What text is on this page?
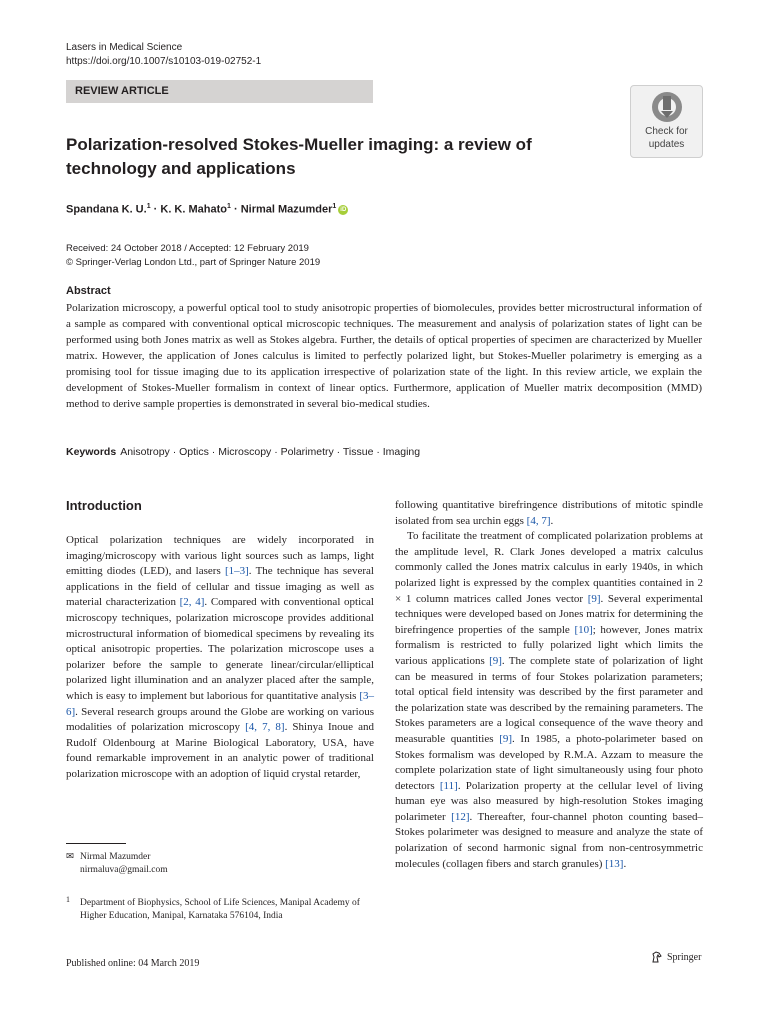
Lasers in Medical Science
https://doi.org/10.1007/s10103-019-02752-1
REVIEW ARTICLE
Check for
updates
Polarization-resolved Stokes-Mueller imaging: a review of technology and applications
Spandana K. U.$^1$ · K. K. Mahato$^1$ · Nirmal Mazumder$^1$ iD
Received: 24 October 2018 / Accepted: 12 February 2019
© Springer-Verlag London Ltd., part of Springer Nature 2019
Abstract
Polarization microscopy, a powerful optical tool to study anisotropic properties of biomolecules, provides better microstructural information of a sample as compared with conventional optical microscopic techniques. The measurement and analysis of polarization states of light can be performed using both Jones matrix as well as Stokes algebra. Further, the details of optical properties of specimen are characterized by Mueller matrix. However, the application of Jones calculus is limited to perfectly polarized light, but Stokes-Mueller polarimetry is emerging as a promising tool for tissue imaging due to its application irrespective of polarization state of the light. In this review article, we explain the development of Stokes-Mueller formalism in context of linear optics. Furthermore, application of Mueller matrix decomposition (MMD) method to derive sample properties is demonstrated in several bio-medical studies.
Keywords Anisotropy · Optics · Microscopy · Polarimetry · Tissue · Imaging
Introduction

Optical polarization techniques are widely incorporated in imaging/microscopy with various light sources such as lamps, light emitting diodes (LED), and lasers [1–3]. The technique has several applications in the field of cellular and tissue imaging as well as material characterization [2, 4]. Compared with conventional optical microscopy techniques, polarization microscope provides additional microstructural information of biomedical specimens by revealing its optical anisotropic properties. The polarization microscope uses a polarizer before the sample to generate linear/circular/elliptical polarized light illumination and an analyzer placed after the sample, which is easy to implement but laborious for quantitative analysis [3–6]. Several research groups around the Globe are working on various modalities of polarization microscopy [4, 7, 8]. Shinya Inoue and Rudolf Oldenbourg at Marine Biological Laboratory, USA, have found remarkable improvement in an analytic power of traditional polarization microscope with an adoption of liquid crystal retarder,

following quantitative birefringence distributions of mitotic spindle isolated from sea urchin eggs [4, 7].

To facilitate the treatment of complicated polarization problems at the amplitude level, R. Clark Jones developed a matrix calculus commonly called the Jones matrix calculus in early 1940s, in which polarized light is expressed by the complex quantities contained in 2 × 1 column matrices called Jones vector [9]. Several experimental techniques were developed based on Jones matrix for determining the birefringence properties of the sample [10]; however, Jones matrix formalism is restricted to fully polarized light which limits the various applications [9]. The complete state of polarization of light can be measured in terms of four Stokes polarization parameters; total optical field intensity was described by the first parameter and the polarization state was described by the remaining parameters. The Stokes parameters are a logical consequence of the wave theory and measurable quantities [9]. In 1985, a photo-polarimeter based on Stokes formalism was developed by R.M.A. Azzam to measure the complete polarization state of light simultaneously using four photo detectors [11]. Polarization property at the cellular level of living human eye was also measured by high-resolution Stokes imaging polarimeter [12]. Thereafter, four-channel photon counting based–Stokes polarimeter was designed to measure and analyze the state of polarization of second harmonic signal from non-centrosymmetric molecules (collagen fibers and starch granules) [13].

✉ Nirmal Mazumder
nirmaluva@gmail.com
$^1$ Department of Biophysics, School of Life Sciences, Manipal Academy of Higher Education, Manipal, Karnataka 576104, India
Published online: 04 March 2019
Springer
